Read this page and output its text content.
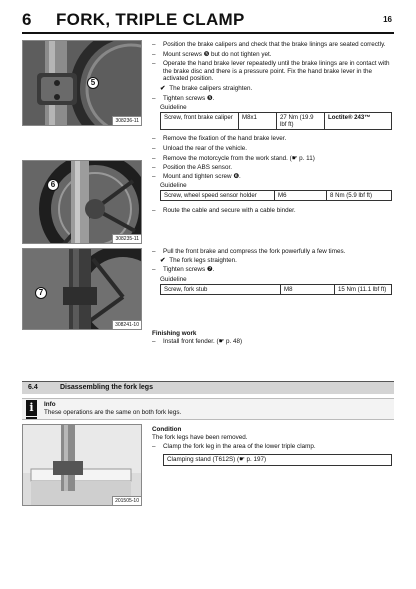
6 FORK, TRIPLE CLAMP	16
5
308236-11
6
308235-11
7
308241-10
201505-10
– Position the brake calipers and check that the brake linings are seated correctly.
– Mount screws ❺ but do not tighten yet.
– Operate the hand brake lever repeatedly until the brake linings are in contact with the brake disc and there is a pressure point. Fix the hand brake lever in the activated position.
✔ The brake calipers straighten.
– Tighten screws ❺.
Guideline
Screw, front brake caliper	M8x1	27 Nm (19.9 lbf ft)	Loctite® 243™
– Remove the fixation of the hand brake lever.
– Unload the rear of the vehicle.
– Remove the motorcycle from the work stand. (☛ p. 11)
– Position the ABS sensor.
– Mount and tighten screw ❻.
Guideline
Screw, wheel speed sensor holder	M6	8 Nm (5.9 lbf ft)
– Route the cable and secure with a cable binder.
– Pull the front brake and compress the fork powerfully a few times.
✔ The fork legs straighten.
– Tighten screws ❼.
Guideline
Screw, fork stub	M8	15 Nm (11.1 lbf ft)
Finishing work
– Install front fender. (☛ p. 48)
6.4	Disassembling the fork legs
i	Info
These operations are the same on both fork legs.
Condition
The fork legs have been removed.
– Clamp the fork leg in the area of the lower triple clamp.
Clamping stand (T612S) (☛ p. 197)
